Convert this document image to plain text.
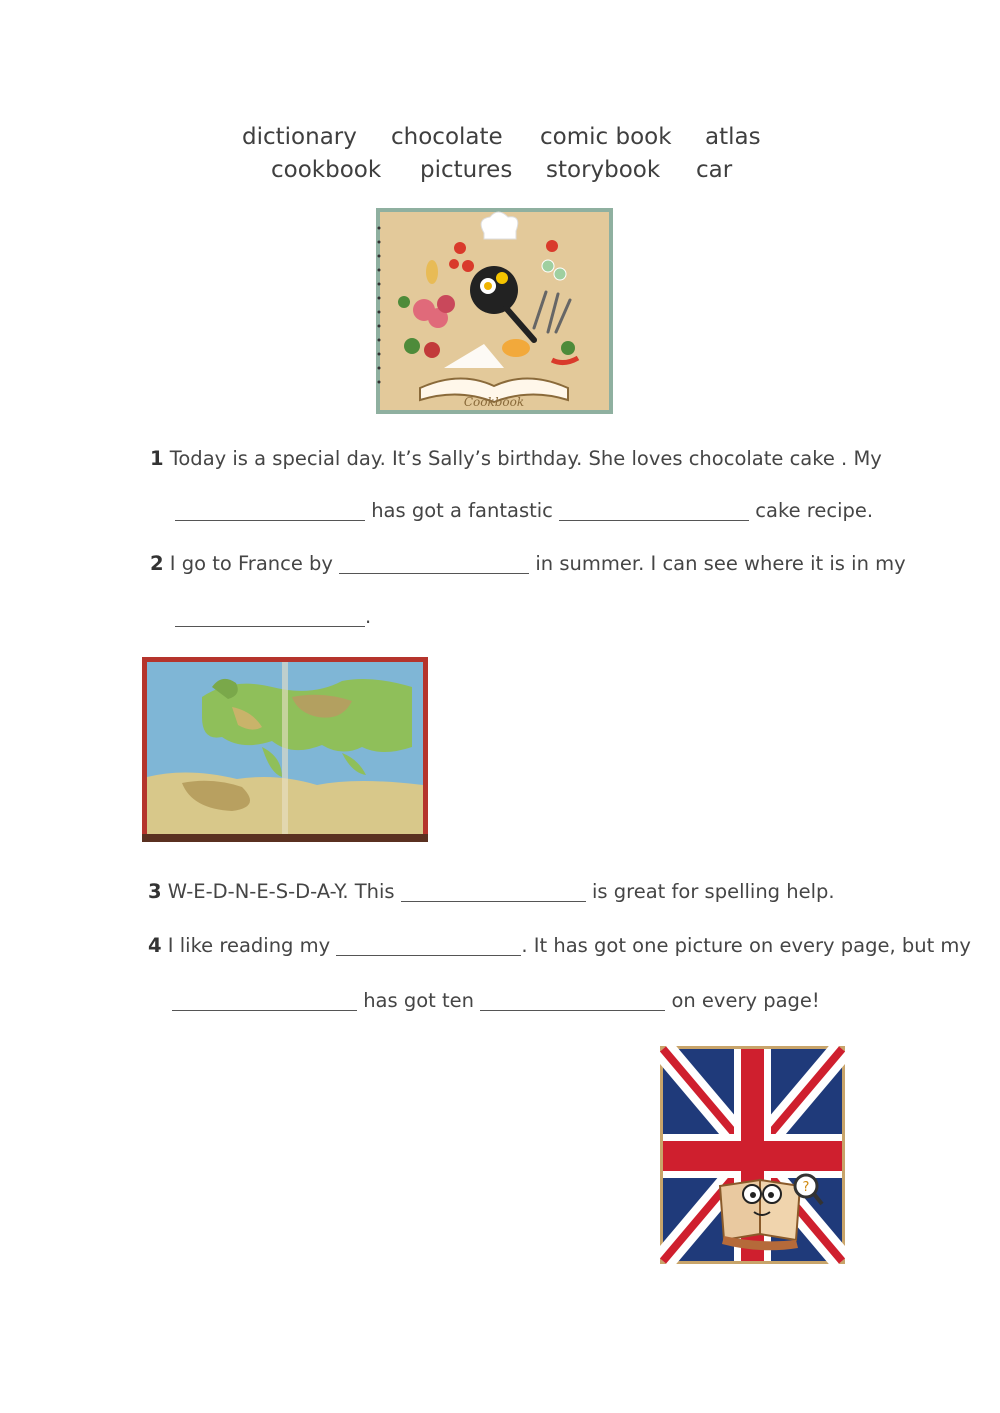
dictionary chocolate comic book atlas
cookbook pictures storybook car
Cookbook
1 Today is a special day. It’s Sally’s birthday. She loves chocolate cake . My
has got a fantastic	cake recipe.
2 I go to France by	in summer. I can see where it is in my
.
3 W-E-D-N-E-S-D-A-Y. This	is great for spelling help.
4 I like reading my	. It has got one picture on every page, but my
has got ten	on every page!
?
